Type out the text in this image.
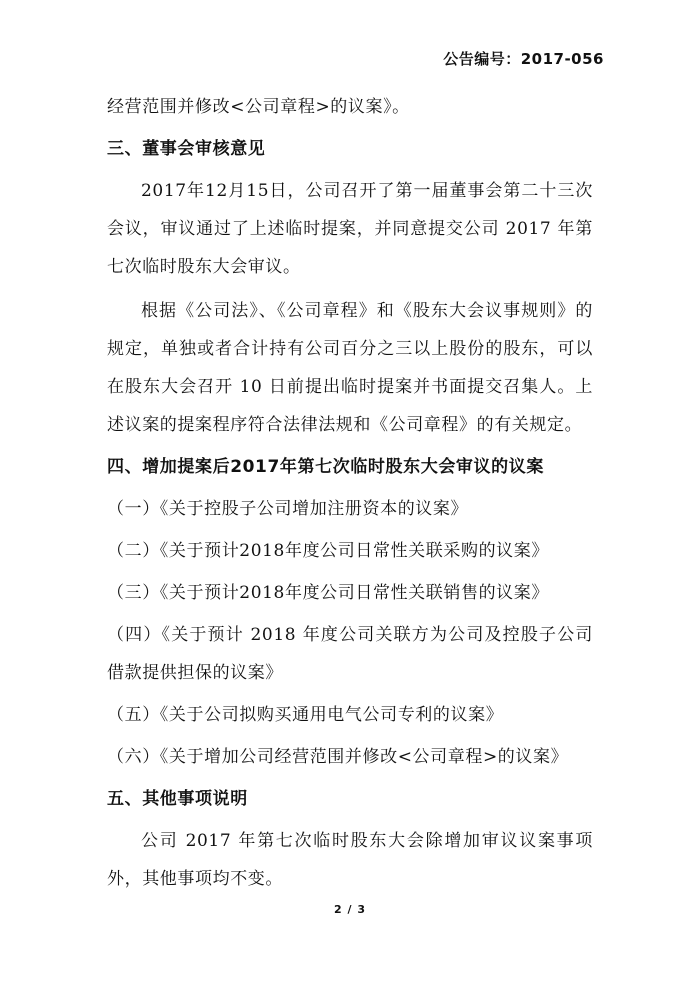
公告编号：2017-056

经营范围并修改<公司章程>的议案》。

三、董事会审核意见

2017年12月15日，公司召开了第一届董事会第二十三次会议，审议通过了上述临时提案，并同意提交公司 2017 年第七次临时股东大会审议。

根据《公司法》、《公司章程》和《股东大会议事规则》的规定，单独或者合计持有公司百分之三以上股份的股东，可以在股东大会召开 10 日前提出临时提案并书面提交召集人。上述议案的提案程序符合法律法规和《公司章程》的有关规定。

四、增加提案后2017年第七次临时股东大会审议的议案

（一）《关于控股子公司增加注册资本的议案》

（二）《关于预计2018年度公司日常性关联采购的议案》

（三）《关于预计2018年度公司日常性关联销售的议案》

（四）《关于预计 2018 年度公司关联方为公司及控股子公司借款提供担保的议案》

（五）《关于公司拟购买通用电气公司专利的议案》

（六）《关于增加公司经营范围并修改<公司章程>的议案》

五、其他事项说明

公司 2017 年第七次临时股东大会除增加审议议案事项外，其他事项均不变。

2 / 3
